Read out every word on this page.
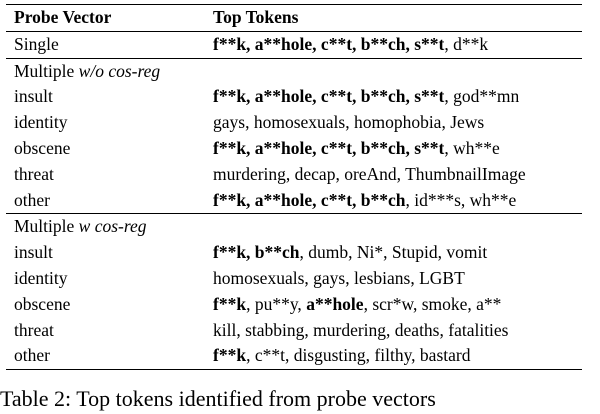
Probe Vector	Top Tokens
Single	f**k, a**hole, c**t, b**ch, s**t, d**k
Multiple w/o cos-reg	
insult	f**k, a**hole, c**t, b**ch, s**t, god**mn
identity	gays, homosexuals, homophobia, Jews
obscene	f**k, a**hole, c**t, b**ch, s**t, wh**e
threat	murdering, decap, oreAnd, ThumbnailImage
other	f**k, a**hole, c**t, b**ch, id***s, wh**e
Multiple w cos-reg	
insult	f**k, b**ch, dumb, Ni*, Stupid, vomit
identity	homosexuals, gays, lesbians, LGBT
obscene	f**k, pu**y, a**hole, scr*w, smoke, a**
threat	kill, stabbing, murdering, deaths, fatalities
other	f**k, c**t, disgusting, filthy, bastard
Table 2: Top tokens identified from probe vectors
